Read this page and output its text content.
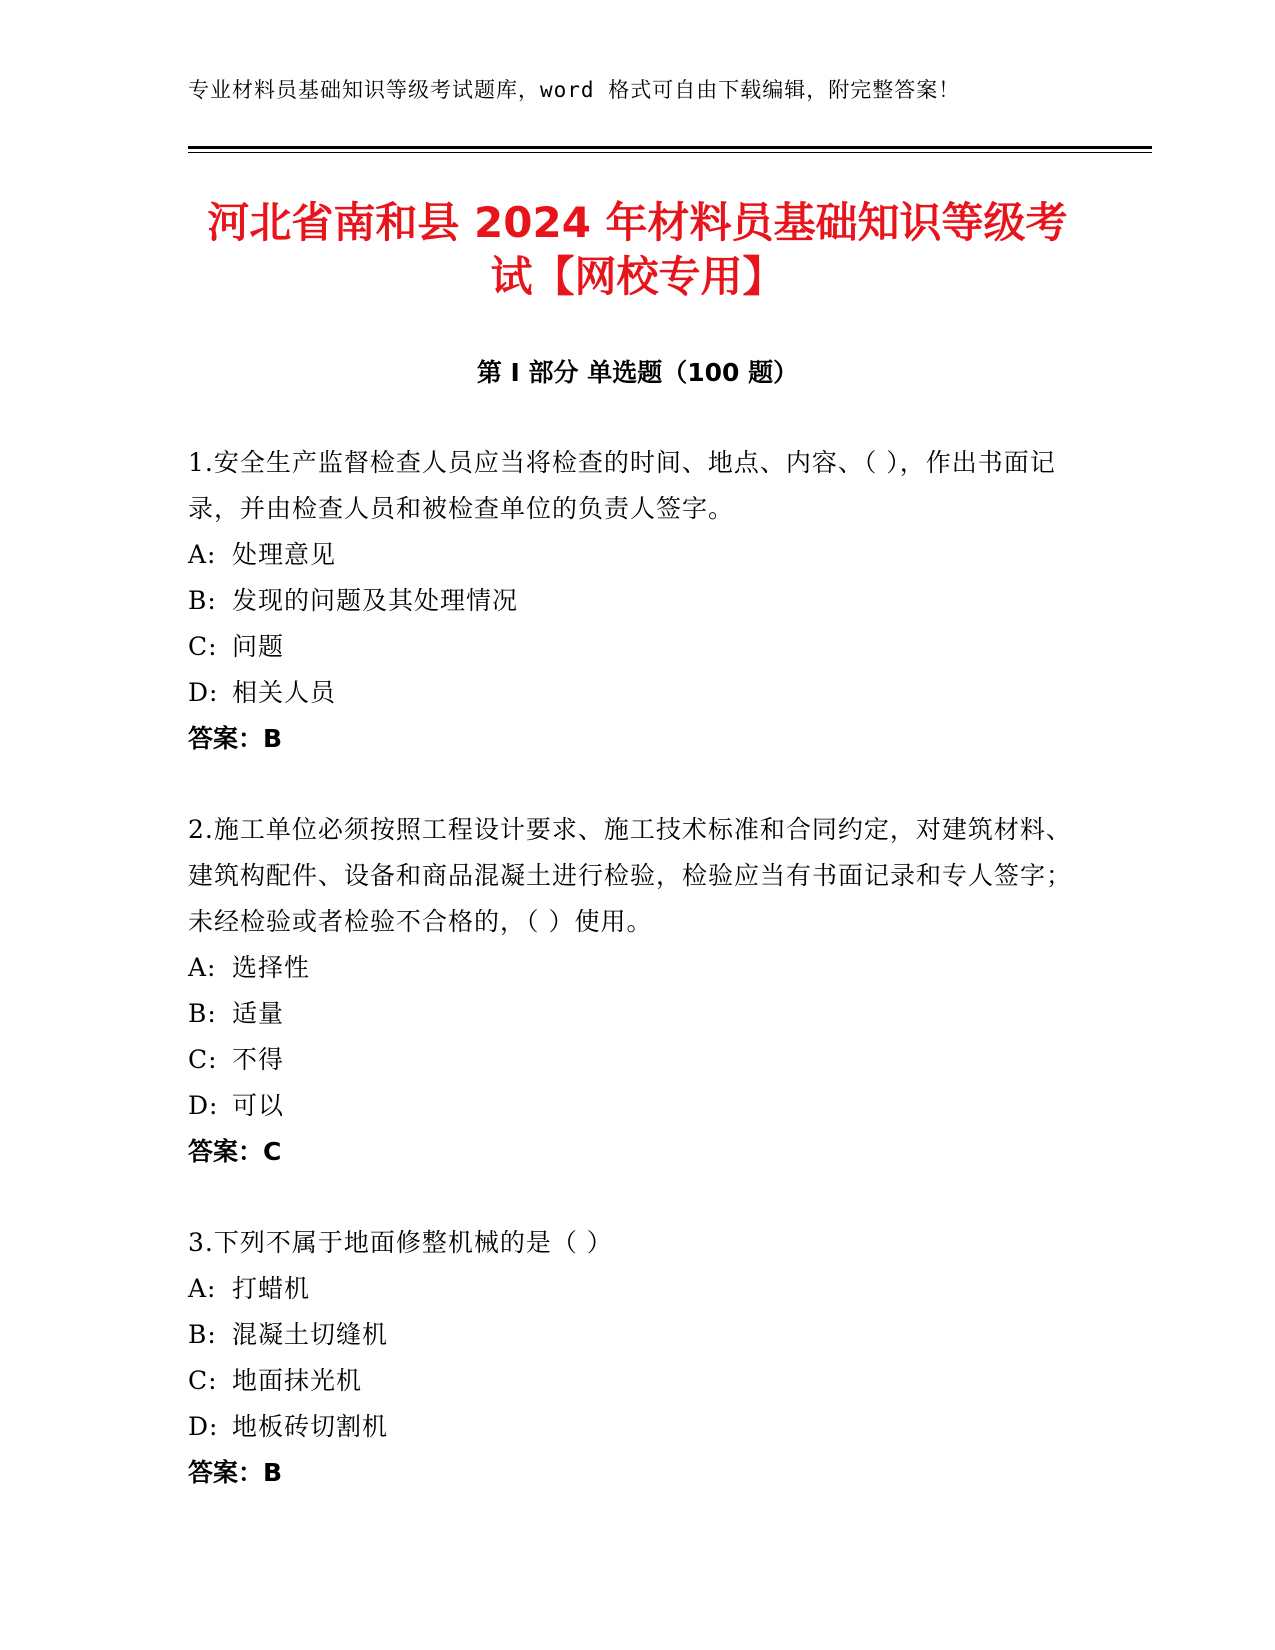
专业材料员基础知识等级考试题库，word 格式可自由下载编辑，附完整答案！
河北省南和县 2024 年材料员基础知识等级考
试【网校专用】
第 I 部分 单选题（100 题）
1.安全生产监督检查人员应当将检查的时间、地点、内容、（ ），作出书面记录，并由检查人员和被检查单位的负责人签字。
A: 处理意见
B: 发现的问题及其处理情况
C: 问题
D: 相关人员
答案：B
2.施工单位必须按照工程设计要求、施工技术标准和合同约定，对建筑材料、建筑构配件、设备和商品混凝土进行检验，检验应当有书面记录和专人签字；未经检验或者检验不合格的，（ ）使用。
A: 选择性
B: 适量
C: 不得
D: 可以
答案：C
3.下列不属于地面修整机械的是（ ）
A: 打蜡机
B: 混凝土切缝机
C: 地面抹光机
D: 地板砖切割机
答案：B
